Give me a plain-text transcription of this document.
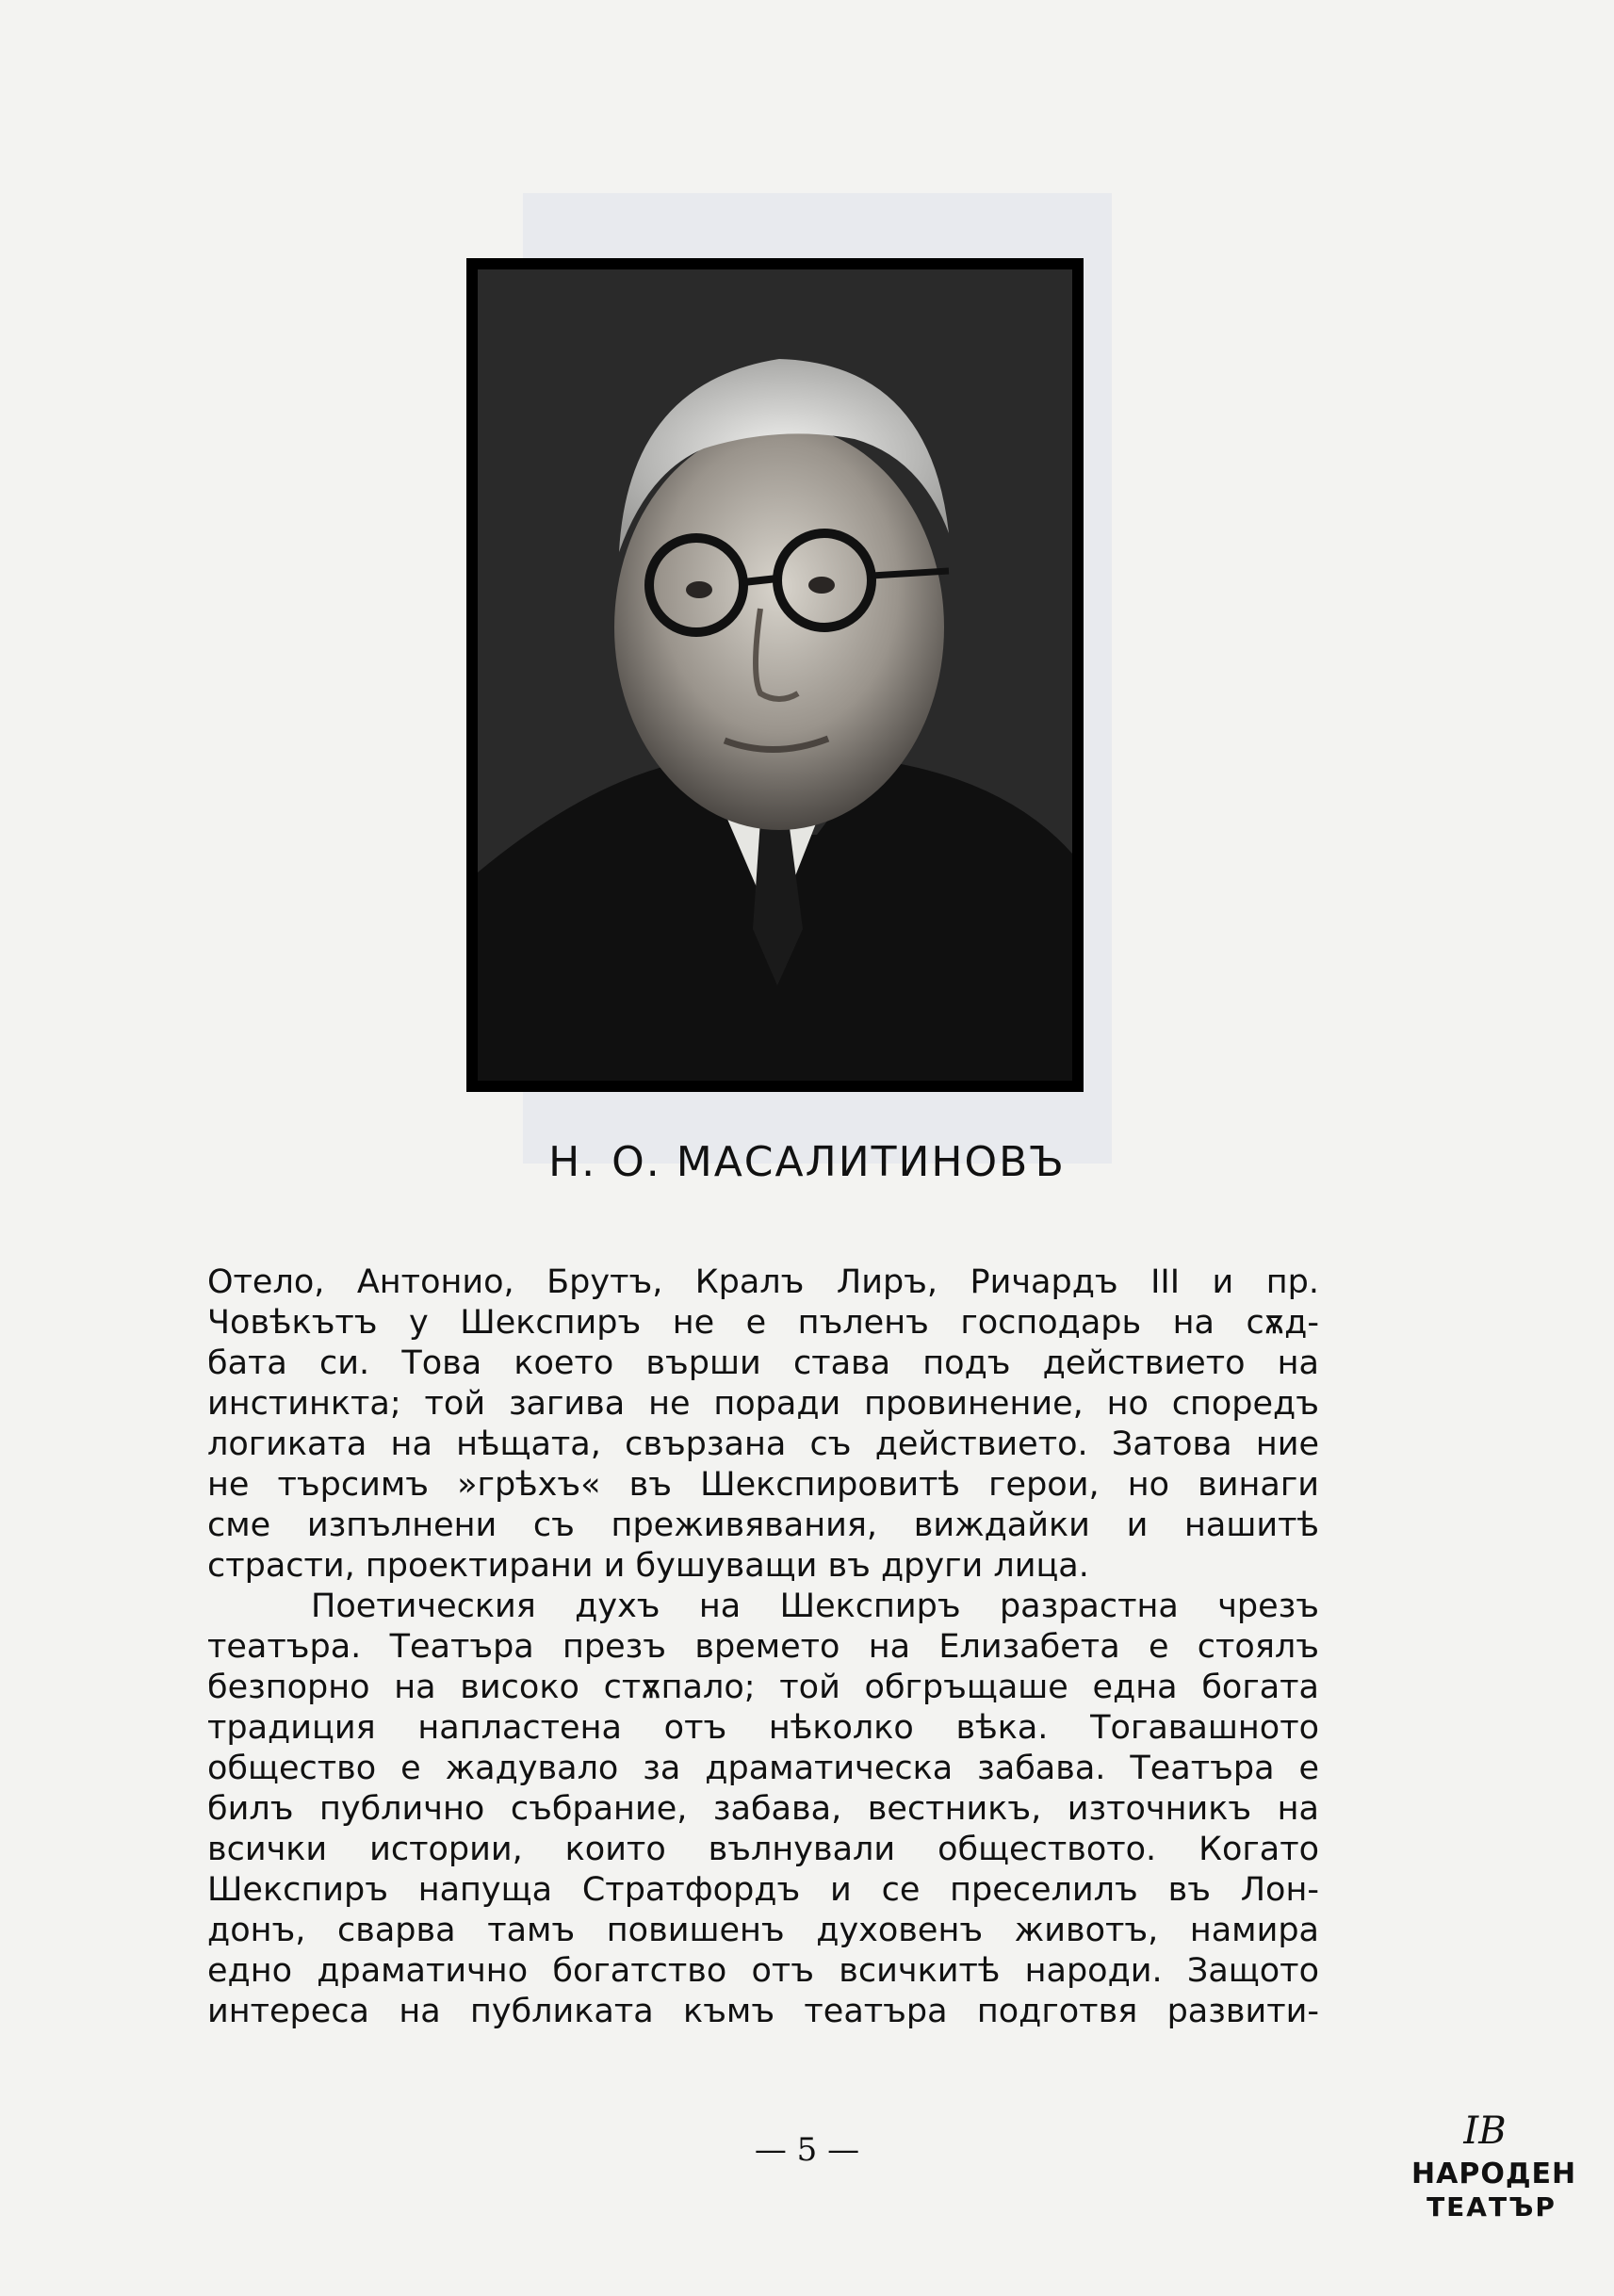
Н. О. МАСАЛИТИНОВЪ

Отело, Антонио, Брутъ, Кралъ Лиръ, Ричардъ III и пр.
Човѣкътъ у Шекспиръ не е пъленъ господарь на сѫд-
бата си. Това което върши става подъ действието на
инстинкта; той загива не поради провинение, но споредъ
логиката на нѣщата, свързана съ действието. Затова ние
не търсимъ »грѣхъ« въ Шекспировитѣ герои, но винаги
сме изпълнени съ преживявания, виждайки и нашитѣ
страсти, проектирани и бушуващи въ други лица.

Поетическия духъ на Шекспиръ разрастна чрезъ
театъра. Театъра презъ времето на Елизабета е стоялъ
безпорно на високо стѫпало; той обгръщаше една богата
традиция напластена отъ нѣколко вѣка. Тогавашното
общество е жадувало за драматическа забава. Театъра е
билъ публично събрание, забава, вестникъ, източникъ на
всички истории, които вълнували обществото. Когато
Шекспиръ напуща Стратфордъ и се преселилъ въ Лон-
донъ, сварва тамъ повишенъ духовенъ животъ, намира
едно драматично богатство отъ всичкитѣ народи. Защото
интереса на публиката къмъ театъра подготвя развити-

— 5 —	IB
НАРОДЕН
ТЕАТЪР
